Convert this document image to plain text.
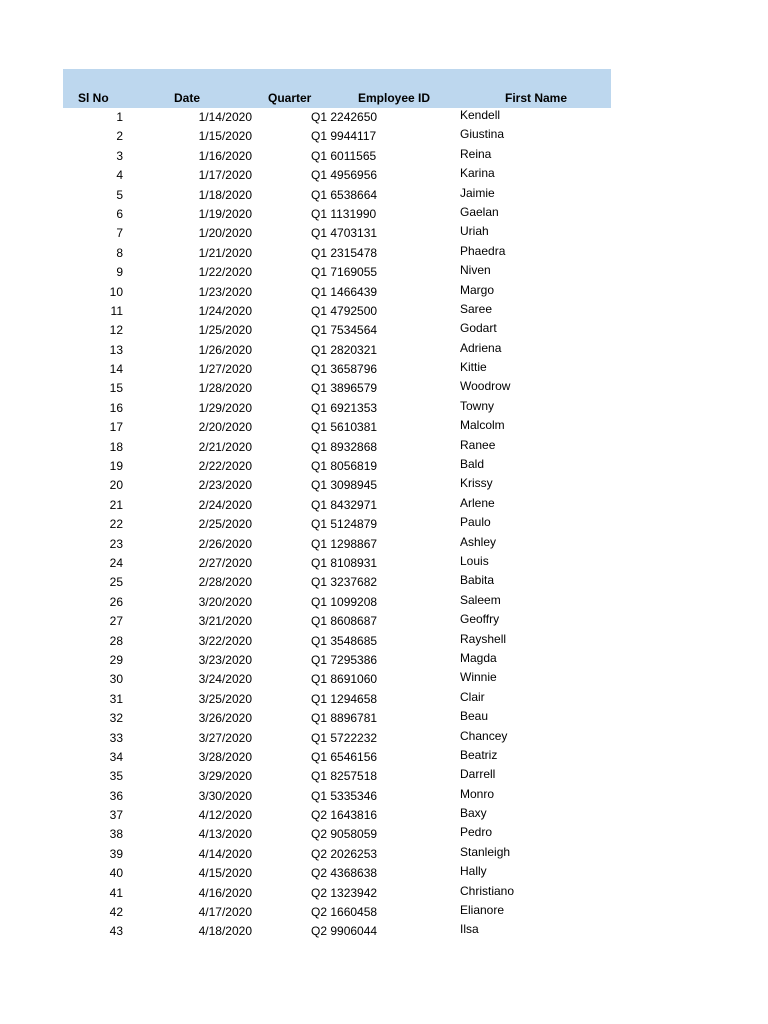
Sl No	Date	Quarter	Employee ID	First Name
1	1/14/2020	Q1 2242650	Kendell
2	1/15/2020	Q1 9944117	Giustina
3	1/16/2020	Q1 6011565	Reina
4	1/17/2020	Q1 4956956	Karina
5	1/18/2020	Q1 6538664	Jaimie
6	1/19/2020	Q1 1131990	Gaelan
7	1/20/2020	Q1 4703131	Uriah
8	1/21/2020	Q1 2315478	Phaedra
9	1/22/2020	Q1 7169055	Niven
10	1/23/2020	Q1 1466439	Margo
11	1/24/2020	Q1 4792500	Saree
12	1/25/2020	Q1 7534564	Godart
13	1/26/2020	Q1 2820321	Adriena
14	1/27/2020	Q1 3658796	Kittie
15	1/28/2020	Q1 3896579	Woodrow
16	1/29/2020	Q1 6921353	Towny
17	2/20/2020	Q1 5610381	Malcolm
18	2/21/2020	Q1 8932868	Ranee
19	2/22/2020	Q1 8056819	Bald
20	2/23/2020	Q1 3098945	Krissy
21	2/24/2020	Q1 8432971	Arlene
22	2/25/2020	Q1 5124879	Paulo
23	2/26/2020	Q1 1298867	Ashley
24	2/27/2020	Q1 8108931	Louis
25	2/28/2020	Q1 3237682	Babita
26	3/20/2020	Q1 1099208	Saleem
27	3/21/2020	Q1 8608687	Geoffry
28	3/22/2020	Q1 3548685	Rayshell
29	3/23/2020	Q1 7295386	Magda
30	3/24/2020	Q1 8691060	Winnie
31	3/25/2020	Q1 1294658	Clair
32	3/26/2020	Q1 8896781	Beau
33	3/27/2020	Q1 5722232	Chancey
34	3/28/2020	Q1 6546156	Beatriz
35	3/29/2020	Q1 8257518	Darrell
36	3/30/2020	Q1 5335346	Monro
37	4/12/2020	Q2 1643816	Baxy
38	4/13/2020	Q2 9058059	Pedro
39	4/14/2020	Q2 2026253	Stanleigh
40	4/15/2020	Q2 4368638	Hally
41	4/16/2020	Q2 1323942	Christiano
42	4/17/2020	Q2 1660458	Elianore
43	4/18/2020	Q2 9906044	Ilsa
